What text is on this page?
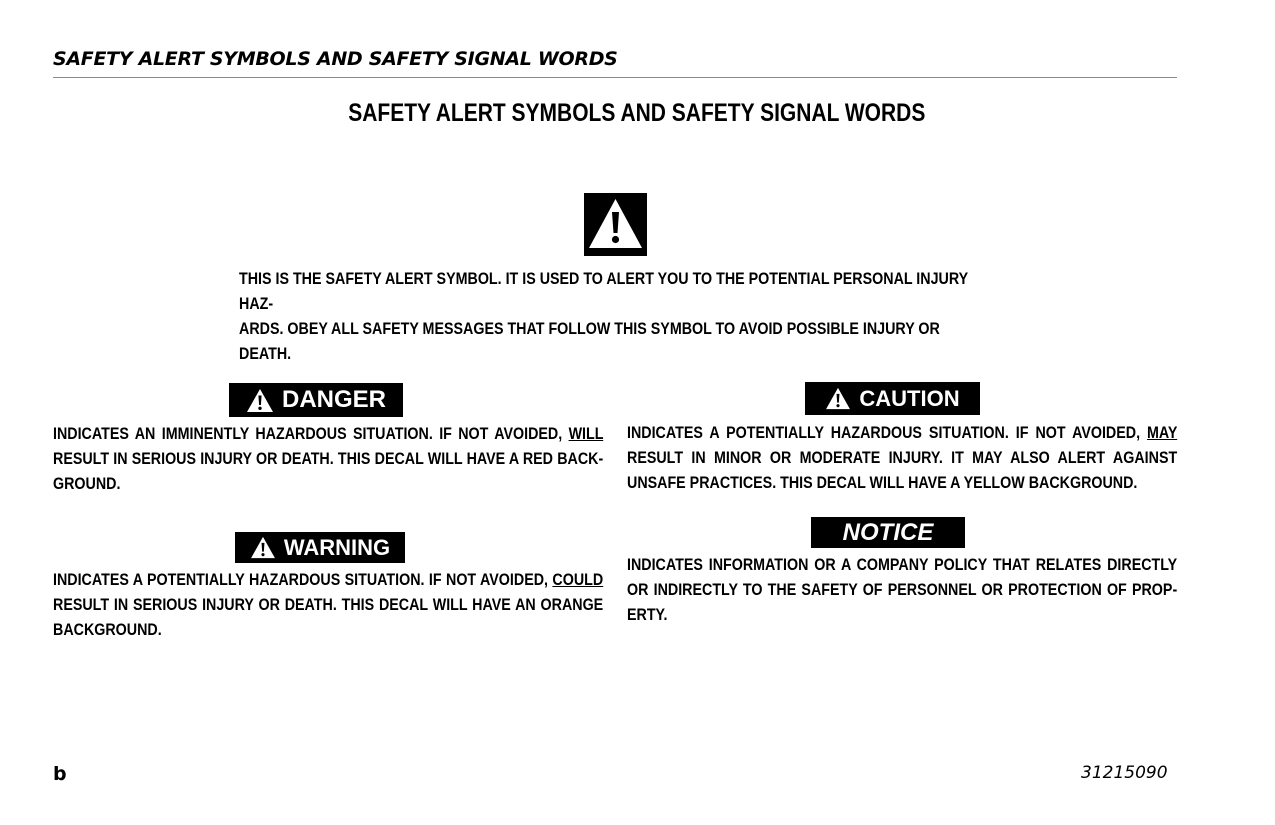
SAFETY ALERT SYMBOLS AND SAFETY SIGNAL WORDS
SAFETY ALERT SYMBOLS AND SAFETY SIGNAL WORDS
THIS IS THE SAFETY ALERT SYMBOL. IT IS USED TO ALERT YOU TO THE POTENTIAL PERSONAL INJURY HAZ-
ARDS. OBEY ALL SAFETY MESSAGES THAT FOLLOW THIS SYMBOL TO AVOID POSSIBLE INJURY OR DEATH.
DANGER
INDICATES AN IMMINENTLY HAZARDOUS SITUATION. IF NOT AVOIDED, WILL RESULT IN SERIOUS INJURY OR DEATH. THIS DECAL WILL HAVE A RED BACK-GROUND.
CAUTION
INDICATES A POTENTIALLY HAZARDOUS SITUATION. IF NOT AVOIDED, MAY RESULT IN MINOR OR MODERATE INJURY. IT MAY ALSO ALERT AGAINST UNSAFE PRACTICES. THIS DECAL WILL HAVE A YELLOW BACKGROUND.
WARNING
INDICATES A POTENTIALLY HAZARDOUS SITUATION. IF NOT AVOIDED, COULD RESULT IN SERIOUS INJURY OR DEATH. THIS DECAL WILL HAVE AN ORANGE BACKGROUND.
NOTICE
INDICATES INFORMATION OR A COMPANY POLICY THAT RELATES DIRECTLY OR INDIRECTLY TO THE SAFETY OF PERSONNEL OR PROTECTION OF PROP-ERTY.
b	31215090
